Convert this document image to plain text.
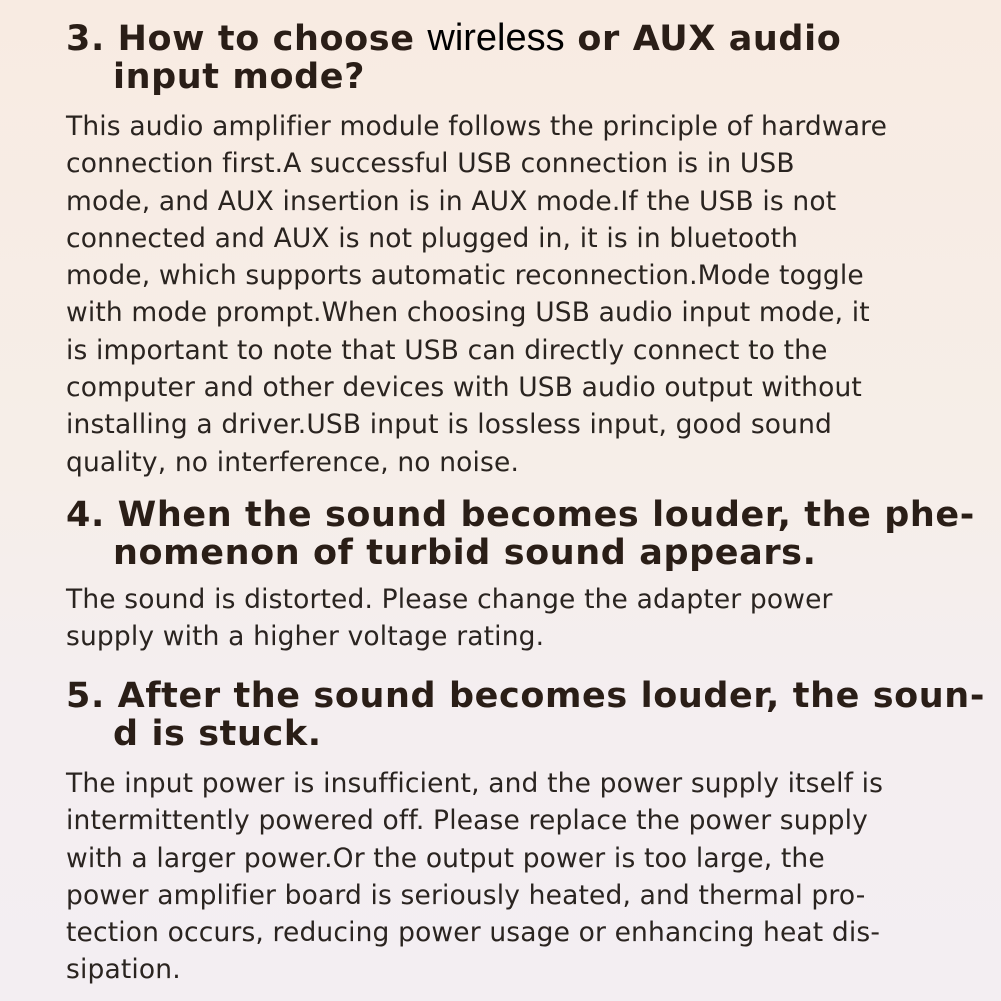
3. How to choose wireless or AUX audio
input mode?

This audio amplifier module follows the principle of hardware
connection first.A successful USB connection is in USB
mode, and AUX insertion is in AUX mode.If the USB is not
connected and AUX is not plugged in, it is in bluetooth
mode, which supports automatic reconnection.Mode toggle
with mode prompt.When choosing USB audio input mode, it
is important to note that USB can directly connect to the
computer and other devices with USB audio output without
installing a driver.USB input is lossless input, good sound
quality, no interference, no noise.

4. When the sound becomes louder, the phe-
nomenon of turbid sound appears.

The sound is distorted. Please change the adapter power
supply with a higher voltage rating.

5. After the sound becomes louder, the soun-
d is stuck.

The input power is insufficient, and the power supply itself is
intermittently powered off. Please replace the power supply
with a larger power.Or the output power is too large, the
power amplifier board is seriously heated, and thermal pro-
tection occurs, reducing power usage or enhancing heat dis-
sipation.
